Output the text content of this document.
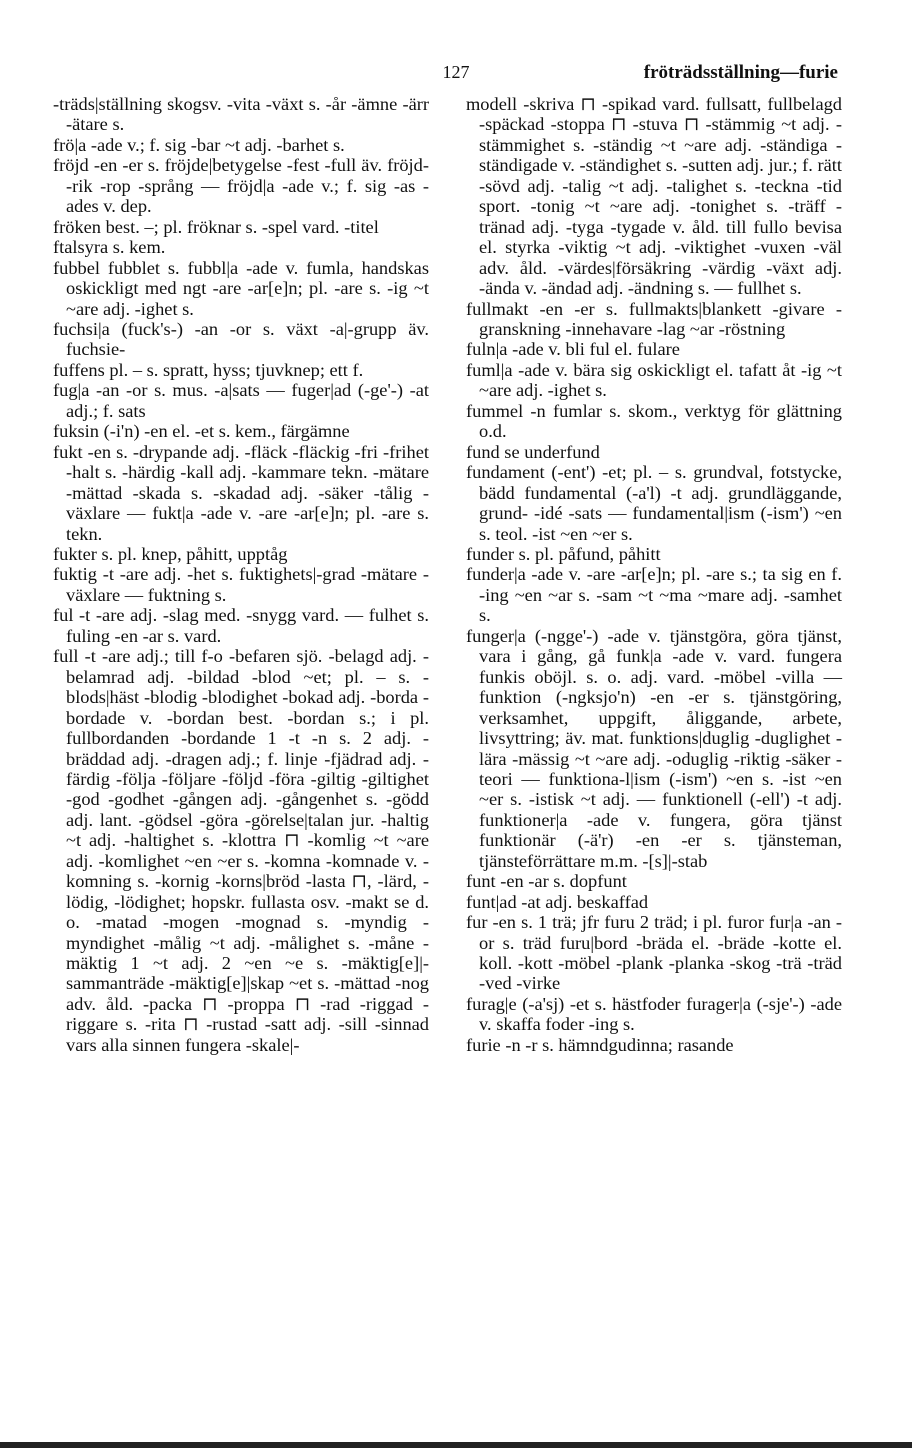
127	fröträdsställning—furie

-träds|ställning skogsv. -vita -växt s. -år -ämne -ärr -ätare s.

frö|a -ade v.; f. sig -bar ~t adj. -barhet s.

fröjd -en -er s. fröjde|betygelse -fest -full äv. fröjd- -rik -rop -språng — fröjd|a -ade v.; f. sig -as -ades v. dep.

fröken best. –; pl. fröknar s. -spel vard. -titel

ftalsyra s. kem.

fubbel fubblet s. fubbl|a -ade v. fumla, handskas oskickligt med ngt -are -ar[e]n; pl. -are s. -ig ~t ~are adj. -ighet s.

fuchsi|a (fuck's-) -an -or s. växt -a|-grupp äv. fuchsie-

fuffens pl. – s. spratt, hyss; tjuvknep; ett f.

fug|a -an -or s. mus. -a|sats — fuger|ad (-ge'-) -at adj.; f. sats

fuksin (-i'n) -en el. -et s. kem., färgämne

fukt -en s. -drypande adj. -fläck -fläckig -fri -frihet -halt s. -härdig -kall adj. -kammare tekn. -mätare -mättad -skada s. -skadad adj. -säker -tålig -växlare — fukt|a -ade v. -are -ar[e]n; pl. -are s. tekn.

fukter s. pl. knep, påhitt, upptåg

fuktig -t -are adj. -het s. fuktighets|-grad -mätare -växlare — fuktning s.

ful -t -are adj. -slag med. -snygg vard. — fulhet s. fuling -en -ar s. vard.

full -t -are adj.; till f-o -befaren sjö. -belagd adj. -belamrad adj. -bildad -blod ~et; pl. – s. -blods|häst -blodig -blodighet -bokad adj. -borda -bordade v. -bordan best. -bordan s.; i pl. fullbordanden -bordande 1 -t -n s. 2 adj. -bräddad adj. -dragen adj.; f. linje -fjädrad adj. -färdig -följa -följare -följd -föra -giltig -giltighet -god -godhet -gången adj. -gångenhet s. -gödd adj. lant. -gödsel -göra -görelse|talan jur. -haltig ~t adj. -haltighet s. -klottra ⊓ -komlig ~t ~are adj. -komlighet ~en ~er s. -komna -komnade v. -komning s. -kornig -korns|bröd -lasta ⊓, -lärd, -lödig, -lödighet; hopskr. fullasta osv. -makt se d. o. -matad -mogen -mognad s. -myndig -myndighet -målig ~t adj. -målighet s. -måne -mäktig 1 ~t adj. 2 ~en ~e s. -mäktig[e]|-sammanträde -mäktig[e]|skap ~et s. -mättad -nog adv. åld. -packa ⊓ -proppa ⊓ -rad -riggad -riggare s. -rita ⊓ -rustad -satt adj. -sill -sinnad vars alla sinnen fungera -skale|-

modell -skriva ⊓ -spikad vard. fullsatt, fullbelagd -späckad -stoppa ⊓ -stuva ⊓ -stämmig ~t adj. -stämmighet s. -ständig ~t ~are adj. -ständiga -ständigade v. -ständighet s. -sutten adj. jur.; f. rätt -sövd adj. -talig ~t adj. -talighet s. -teckna -tid sport. -tonig ~t ~are adj. -tonighet s. -träff -tränad adj. -tyga -tygade v. åld. till fullo bevisa el. styrka -viktig ~t adj. -viktighet -vuxen -väl adv. åld. -värdes|försäkring -värdig -växt adj. -ända v. -ändad adj. -ändning s. — fullhet s.

fullmakt -en -er s. fullmakts|blankett -givare -granskning -innehavare -lag ~ar -röstning

fuln|a -ade v. bli ful el. fulare

fuml|a -ade v. bära sig oskickligt el. tafatt åt -ig ~t ~are adj. -ighet s.

fummel -n fumlar s. skom., verktyg för glättning o.d.

fund se underfund

fundament (-ent') -et; pl. – s. grundval, fotstycke, bädd fundamental (-a'l) -t adj. grundläggande, grund- -idé -sats — fundamental|ism (-ism') ~en s. teol. -ist ~en ~er s.

funder s. pl. påfund, påhitt

funder|a -ade v. -are -ar[e]n; pl. -are s.; ta sig en f. -ing ~en ~ar s. -sam ~t ~ma ~mare adj. -samhet s.

funger|a (-ngge'-) -ade v. tjänstgöra, göra tjänst, vara i gång, gå funk|a -ade v. vard. fungera funkis oböjl. s. o. adj. vard. -möbel -villa — funktion (-ngksjo'n) -en -er s. tjänstgöring, verksamhet, uppgift, åliggande, arbete, livsyttring; äv. mat. funktions|duglig -duglighet -lära -mässig ~t ~are adj. -oduglig -riktig -säker -teori — funktiona-l|ism (-ism') ~en s. -ist ~en ~er s. -istisk ~t adj. — funktionell (-ell') -t adj. funktioner|a -ade v. fungera, göra tjänst funktionär (-ä'r) -en -er s. tjänsteman, tjänsteförrättare m.m. -[s]|-stab

funt -en -ar s. dopfunt

funt|ad -at adj. beskaffad

fur -en s. 1 trä; jfr furu 2 träd; i pl. furor fur|a -an -or s. träd furu|bord -bräda el. -bräde -kotte el. koll. -kott -möbel -plank -planka -skog -trä -träd -ved -virke

furag|e (-a'sj) -et s. hästfoder furager|a (-sje'-) -ade v. skaffa foder -ing s.

furie -n -r s. hämndgudinna; rasande
